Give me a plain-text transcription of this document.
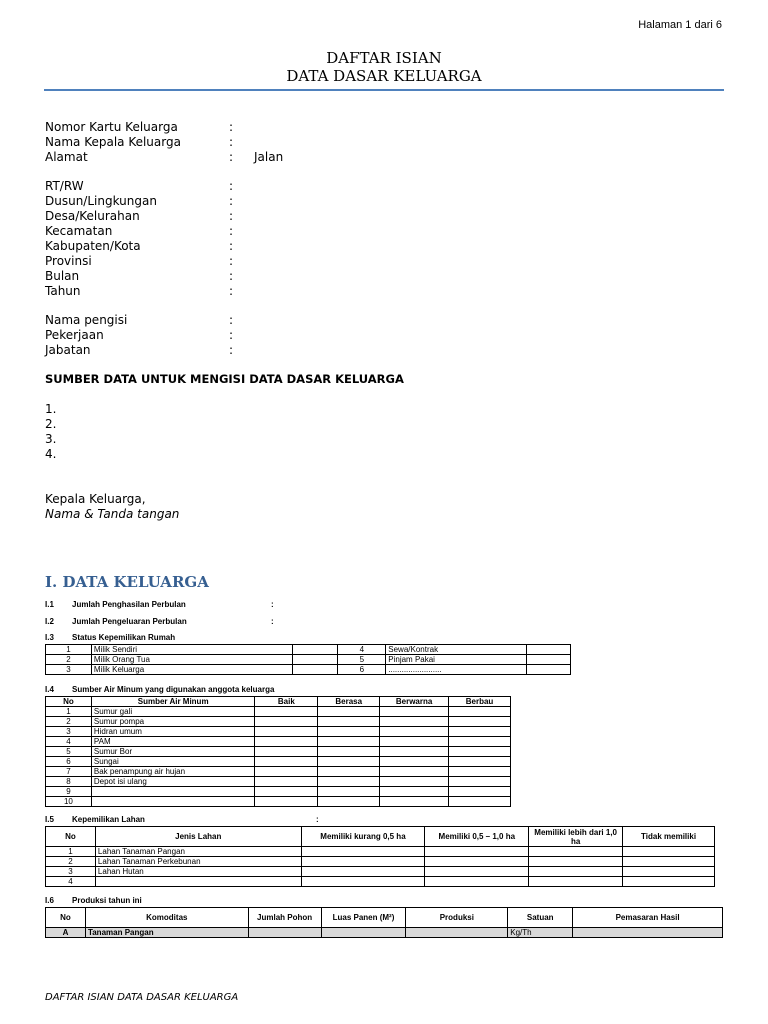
Halaman 1 dari 6
DAFTAR ISIAN
DATA DASAR KELUARGA
Nomor Kartu Keluarga	:
Nama Kepala Keluarga	:
Alamat	: Jalan
RT/RW	:
Dusun/Lingkungan	:
Desa/Kelurahan	:
Kecamatan	:
Kabupaten/Kota	:
Provinsi	:
Bulan	:
Tahun	:
Nama pengisi	:
Pekerjaan	:
Jabatan	:
SUMBER DATA UNTUK MENGISI DATA DASAR KELUARGA
1.
2.
3.
4.
Kepala Keluarga,
Nama & Tanda tangan
I. DATA KELUARGA
I.1 Jumlah Penghasilan Perbulan	:
I.2 Jumlah Pengeluaran Perbulan	:
I.3 Status Kepemilikan Rumah
1	Milik Sendiri		4	Sewa/Kontrak	
2	Milik Orang Tua		5	Pinjam Pakai	
3	Milik Keluarga		6	........................	
I.4 Sumber Air Minum yang digunakan anggota keluarga
No	Sumber Air Minum	Baik	Berasa	Berwarna	Berbau
1	Sumur gali				
2	Sumur pompa				
3	Hidran umum				
4	PAM				
5	Sumur Bor				
6	Sungai				
7	Bak penampung air hujan				
8	Depot isi ulang				
9					
10					
I.5 Kepemilikan Lahan	:
No	Jenis Lahan	Memiliki kurang 0,5 ha	Memiliki 0,5 – 1,0 ha	Memiliki lebih dari 1,0 ha	Tidak memiliki
1	Lahan Tanaman Pangan				
2	Lahan Tanaman Perkebunan				
3	Lahan Hutan				
4					
I.6 Produksi tahun ini
No	Komoditas	Jumlah Pohon	Luas Panen (M²)	Produksi	Satuan	Pemasaran Hasil
A	Tanaman Pangan				Kg/Th	
DAFTAR ISIAN DATA DASAR KELUARGA
